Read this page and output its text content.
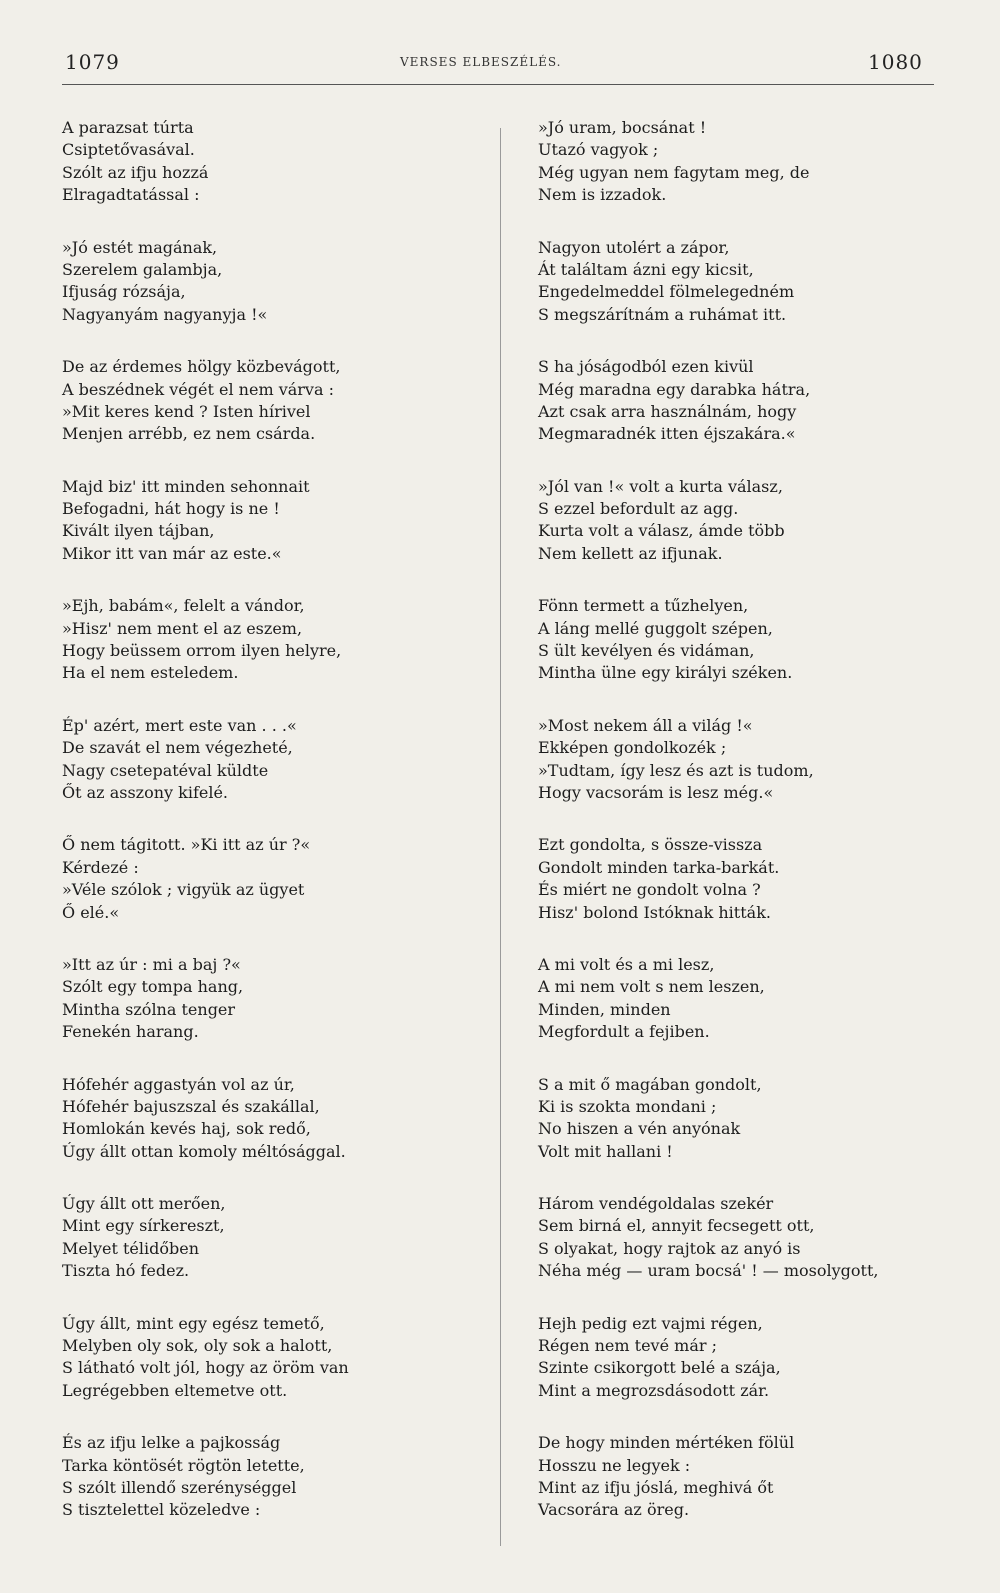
1079	VERSES ELBESZÉLÉS.	1080
A parazsat túrta
Csiptetővasával.
Szólt az ifju hozzá
Elragadtatással :
»Jó estét magának,
Szerelem galambja,
Ifjuság rózsája,
Nagyanyám nagyanyja !«
De az érdemes hölgy közbevágott,
A beszédnek végét el nem várva :
»Mit keres kend ? Isten hírivel
Menjen arrébb, ez nem csárda.
Majd biz' itt minden sehonnait
Befogadni, hát hogy is ne !
Kivált ilyen tájban,
Mikor itt van már az este.«
»Ejh, babám«, felelt a vándor,
»Hisz' nem ment el az eszem,
Hogy beüssem orrom ilyen helyre,
Ha el nem esteledem.
Ép' azért, mert este van . . .«
De szavát el nem végezheté,
Nagy csetepatéval küldte
Őt az asszony kifelé.
Ő nem tágitott. »Ki itt az úr ?«
Kérdezé :
»Véle szólok ; vigyük az ügyet
Ő elé.«
»Itt az úr : mi a baj ?«
Szólt egy tompa hang,
Mintha szólna tenger
Fenekén harang.
Hófehér aggastyán vol az úr,
Hófehér bajuszszal és szakállal,
Homlokán kevés haj, sok redő,
Úgy állt ottan komoly méltósággal.
Úgy állt ott merően,
Mint egy sírkereszt,
Melyet télidőben
Tiszta hó fedez.
Úgy állt, mint egy egész temető,
Melyben oly sok, oly sok a halott,
S látható volt jól, hogy az öröm van
Legrégebben eltemetve ott.
És az ifju lelke a pajkosság
Tarka köntösét rögtön letette,
S szólt illendő szerénységgel
S tisztelettel közeledve :
»Jó uram, bocsánat !
Utazó vagyok ;
Még ugyan nem fagytam meg, de
Nem is izzadok.
Nagyon utolért a zápor,
Át találtam ázni egy kicsit,
Engedelmeddel fölmelegedném
S megszárítnám a ruhámat itt.
S ha jóságodból ezen kivül
Még maradna egy darabka hátra,
Azt csak arra használnám, hogy
Megmaradnék itten éjszakára.«
»Jól van !« volt a kurta válasz,
S ezzel befordult az agg.
Kurta volt a válasz, ámde több
Nem kellett az ifjunak.
Fönn termett a tűzhelyen,
A láng mellé guggolt szépen,
S ült kevélyen és vidáman,
Mintha ülne egy királyi széken.
»Most nekem áll a világ !«
Ekképen gondolkozék ;
»Tudtam, így lesz és azt is tudom,
Hogy vacsorám is lesz még.«
Ezt gondolta, s össze-vissza
Gondolt minden tarka-barkát.
És miért ne gondolt volna ?
Hisz' bolond Istóknak hitták.
A mi volt és a mi lesz,
A mi nem volt s nem leszen,
Minden, minden
Megfordult a fejiben.
S a mit ő magában gondolt,
Ki is szokta mondani ;
No hiszen a vén anyónak
Volt mit hallani !
Három vendégoldalas szekér
Sem birná el, annyit fecsegett ott,
S olyakat, hogy rajtok az anyó is
Néha még — uram bocsá' ! — mosolygott,
Hejh pedig ezt vajmi régen,
Régen nem tevé már ;
Szinte csikorgott belé a szája,
Mint a megrozsdásodott zár.
De hogy minden mértéken fölül
Hosszu ne legyek :
Mint az ifju jóslá, meghivá őt
Vacsorára az öreg.
